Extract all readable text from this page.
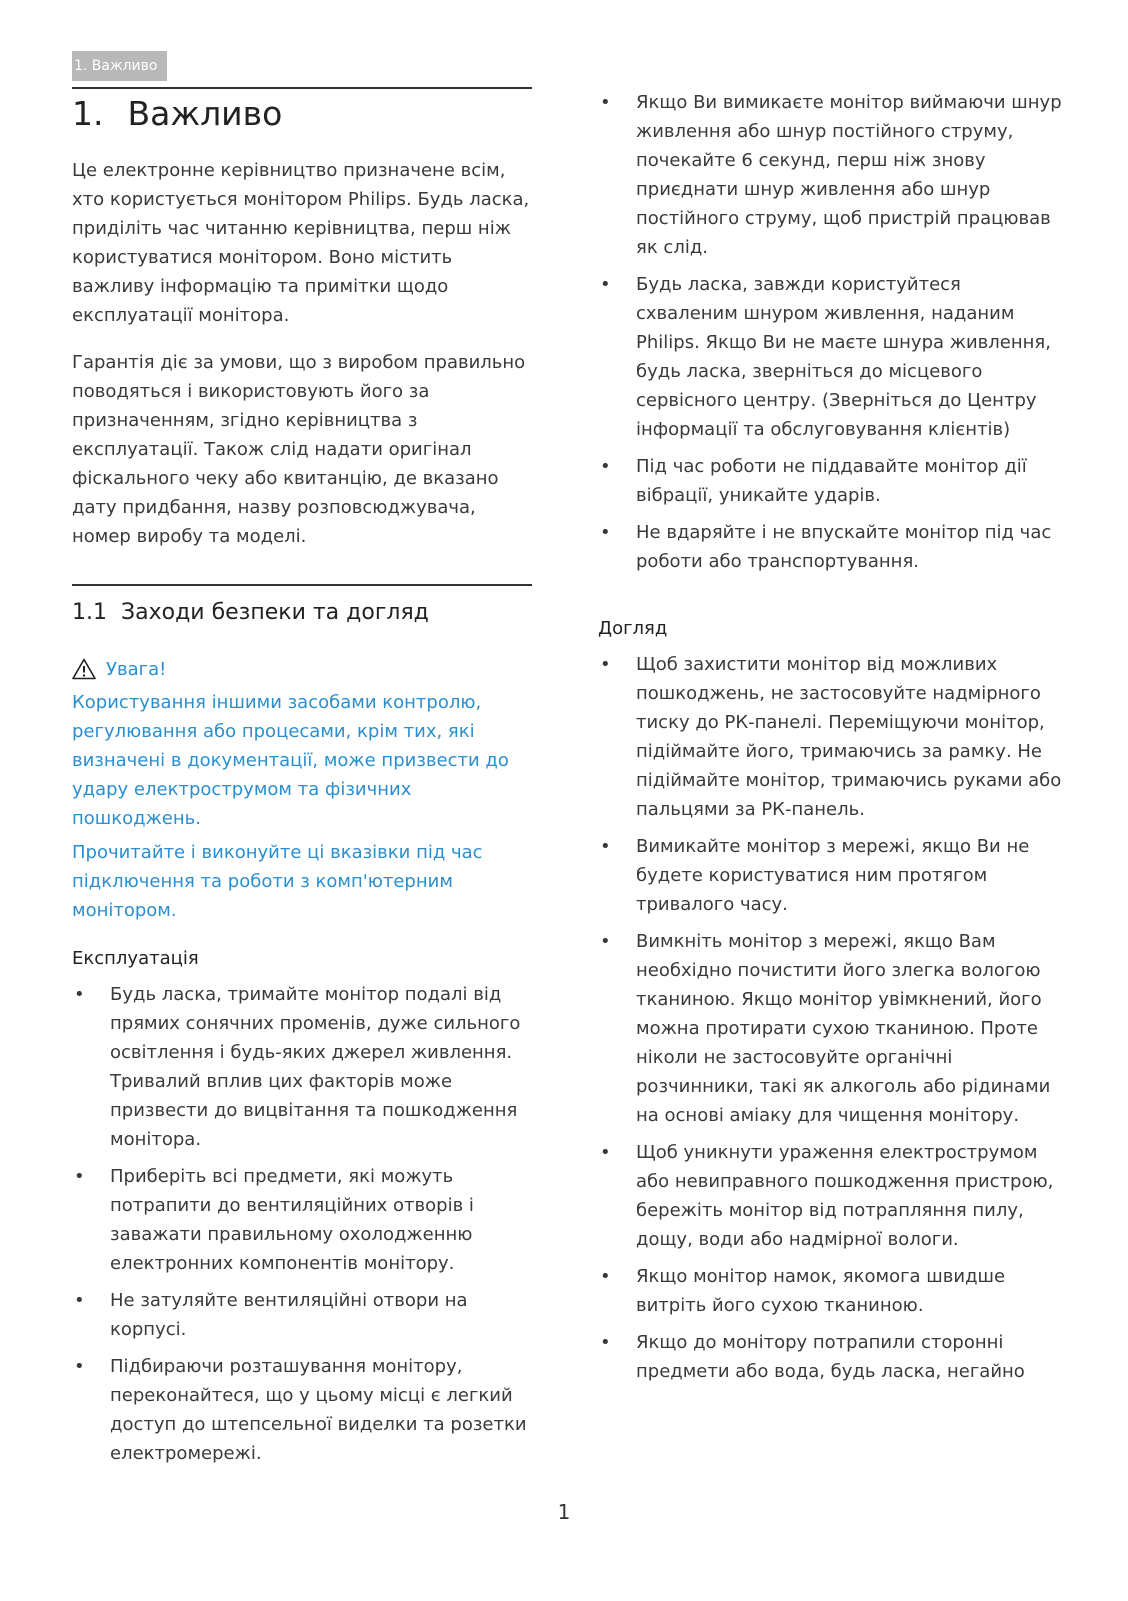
1. Важливо
1. Важливо

Це електронне керівництво призначене всім, хто користується монітором Philips. Будь ласка, приділіть час читанню керівництва, перш ніж користуватися монітором. Воно містить важливу інформацію та примітки щодо експлуатації монітора.

Гарантія діє за умови, що з виробом правильно поводяться і використовують його за призначенням, згідно керівництва з експлуатації. Також слід надати оригінал фіскального чеку або квитанцію, де вказано дату придбання, назву розповсюджувача, номер виробу та моделі.

1.1 Заходи безпеки та догляд
Увага!

Користування іншими засобами контролю, регулювання або процесами, крім тих, які визначені в документації, може призвести до удару електрострумом та фізичних пошкоджень.

Прочитайте і виконуйте ці вказівки під час підключення та роботи з комп'ютерним монітором.

Експлуатація
• Будь ласка, тримайте монітор подалі від прямих сонячних променів, дуже сильного освітлення і будь-яких джерел живлення. Тривалий вплив цих факторів може призвести до вицвітання та пошкодження монітора.
• Приберіть всі предмети, які можуть потрапити до вентиляційних отворів і заважати правильному охолодженню електронних компонентів монітору.
• Не затуляйте вентиляційні отвори на корпусі.
• Підбираючи розташування монітору, переконайтеся, що у цьому місці є легкий доступ до штепсельної виделки та розетки електромережі.
• Якщо Ви вимикаєте монітор виймаючи шнур живлення або шнур постійного струму, почекайте 6 секунд, перш ніж знову приєднати шнур живлення або шнур постійного струму, щоб пристрій працював як слід.
• Будь ласка, завжди користуйтеся схваленим шнуром живлення, наданим Philips. Якщо Ви не маєте шнура живлення, будь ласка, зверніться до місцевого сервісного центру. (Зверніться до Центру інформації та обслуговування клієнтів)
• Під час роботи не піддавайте монітор дії вібрації, уникайте ударів.
• Не вдаряйте і не впускайте монітор під час роботи або транспортування.
Догляд
• Щоб захистити монітор від можливих пошкоджень, не застосовуйте надмірного тиску до РК-панелі. Переміщуючи монітор, підіймайте його, тримаючись за рамку. Не підіймайте монітор, тримаючись руками або пальцями за РК-панель.
• Вимикайте монітор з мережі, якщо Ви не будете користуватися ним протягом тривалого часу.
• Вимкніть монітор з мережі, якщо Вам необхідно почистити його злегка вологою тканиною. Якщо монітор увімкнений, його можна протирати сухою тканиною. Проте ніколи не застосовуйте органічні розчинники, такі як алкоголь або рідинами на основі аміаку для чищення монітору.
• Щоб уникнути ураження електрострумом або невиправного пошкодження пристрою, бережіть монітор від потрапляння пилу, дощу, води або надмірної вологи.
• Якщо монітор намок, якомога швидше витріть його сухою тканиною.
• Якщо до монітору потрапили сторонні предмети або вода, будь ласка, негайно
1
